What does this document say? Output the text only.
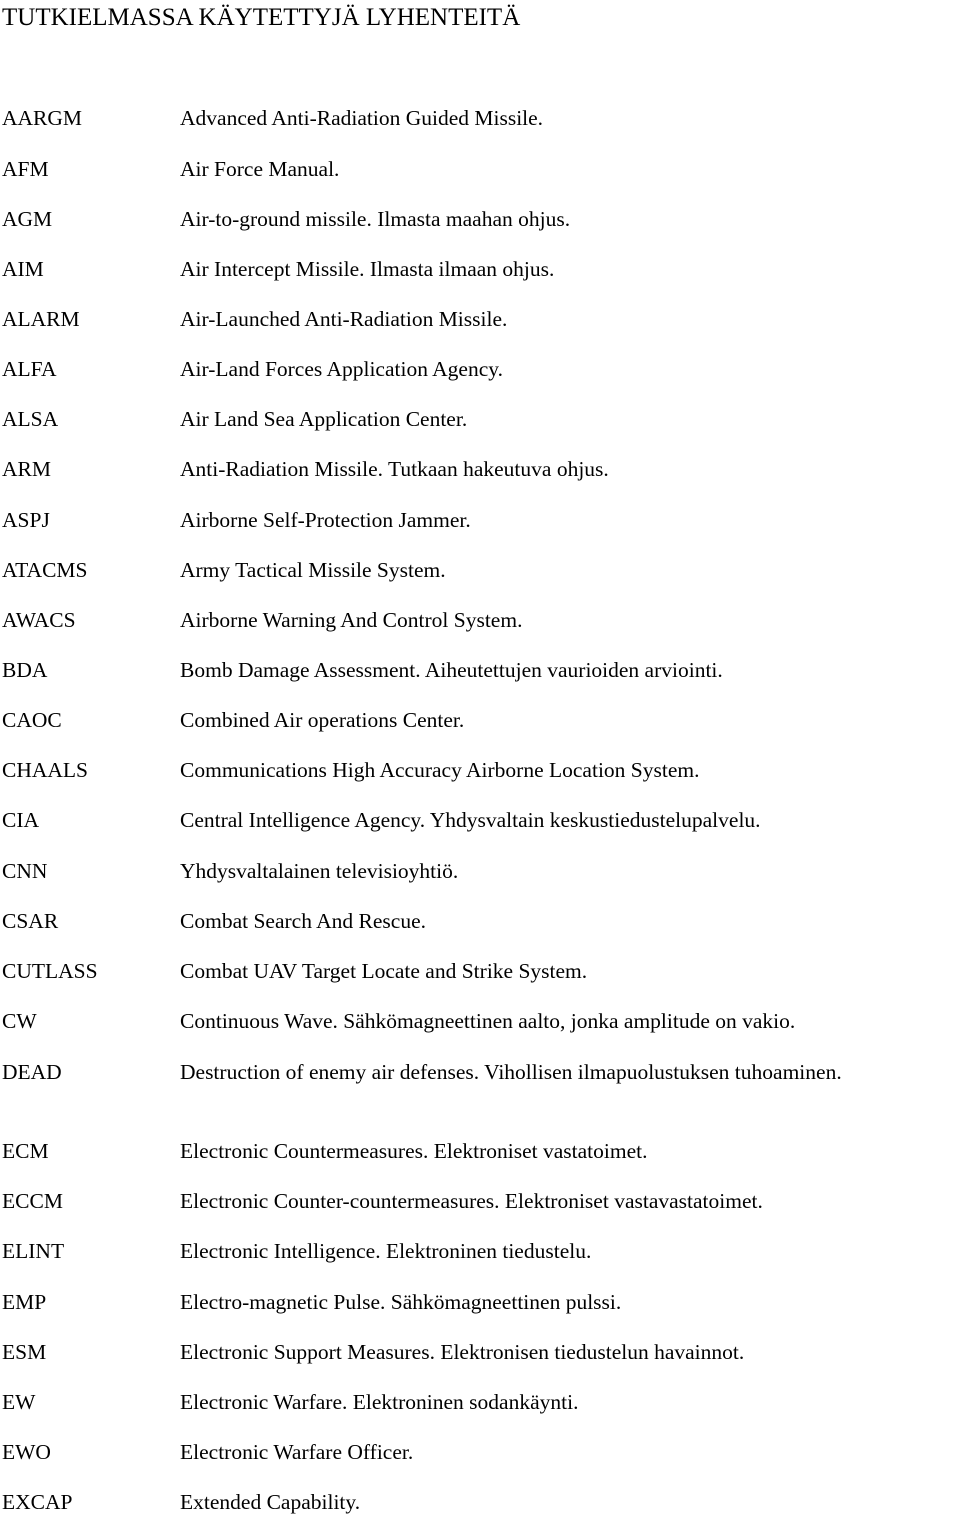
TUTKIELMASSA KÄYTETTYJÄ LYHENTEITÄ
AARGM	Advanced Anti-Radiation Guided Missile.
AFM	Air Force Manual.
AGM	Air-to-ground missile. Ilmasta maahan ohjus.
AIM	Air Intercept Missile. Ilmasta ilmaan ohjus.
ALARM	Air-Launched Anti-Radiation Missile.
ALFA	Air-Land Forces Application Agency.
ALSA	Air Land Sea Application Center.
ARM	Anti-Radiation Missile. Tutkaan hakeutuva ohjus.
ASPJ	Airborne Self-Protection Jammer.
ATACMS	Army Tactical Missile System.
AWACS	Airborne Warning And Control System.
BDA	Bomb Damage Assessment. Aiheutettujen vaurioiden arviointi.
CAOC	Combined Air operations Center.
CHAALS	Communications High Accuracy Airborne Location System.
CIA	Central Intelligence Agency. Yhdysvaltain keskustiedustelupalvelu.
CNN	Yhdysvaltalainen televisioyhtiö.
CSAR	Combat Search And Rescue.
CUTLASS	Combat UAV Target Locate and Strike System.
CW	Continuous Wave. Sähkömagneettinen aalto, jonka amplitude on vakio.
DEAD	Destruction of enemy air defenses. Vihollisen ilmapuolustuksen tuhoaminen.
ECM	Electronic Countermeasures. Elektroniset vastatoimet.
ECCM	Electronic Counter-countermeasures. Elektroniset vastavastatoimet.
ELINT	Electronic Intelligence. Elektroninen tiedustelu.
EMP	Electro-magnetic Pulse. Sähkömagneettinen pulssi.
ESM	Electronic Support Measures. Elektronisen tiedustelun havainnot.
EW	Electronic Warfare. Elektroninen sodankäynti.
EWO	Electronic Warfare Officer.
EXCAP	Extended Capability.
